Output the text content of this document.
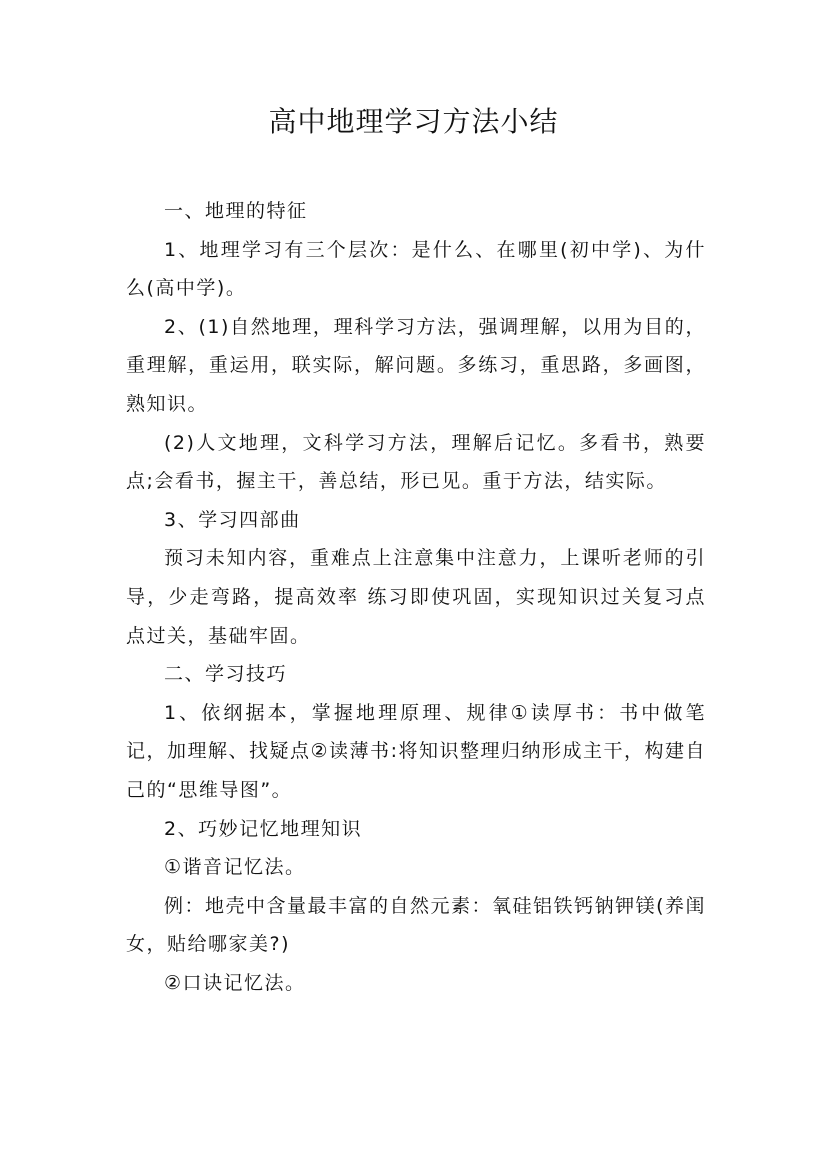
高中地理学习方法小结

一、地理的特征

1、地理学习有三个层次：是什么、在哪里(初中学)、为什么(高中学)。

2、(1)自然地理，理科学习方法，强调理解，以用为目的， 重理解，重运用，联实际，解问题。多练习，重思路，多画图，熟知识。

(2)人文地理，文科学习方法，理解后记忆。多看书，熟要点;会看书，握主干，善总结，形已见。重于方法，结实际。

3、学习四部曲

预习未知内容，重难点上注意集中注意力，上课听老师的引导，少走弯路，提高效率 练习即使巩固，实现知识过关复习点点过关，基础牢固。

二、学习技巧

1、依纲据本，掌握地理原理、规律①读厚书：书中做笔记，加理解、找疑点②读薄书:将知识整理归纳形成主干，构建自己的“思维导图”。

2、巧妙记忆地理知识

①谐音记忆法。

例：地壳中含量最丰富的自然元素：氧硅铝铁钙钠钾镁(养闺女，贴给哪家美?)

②口诀记忆法。
